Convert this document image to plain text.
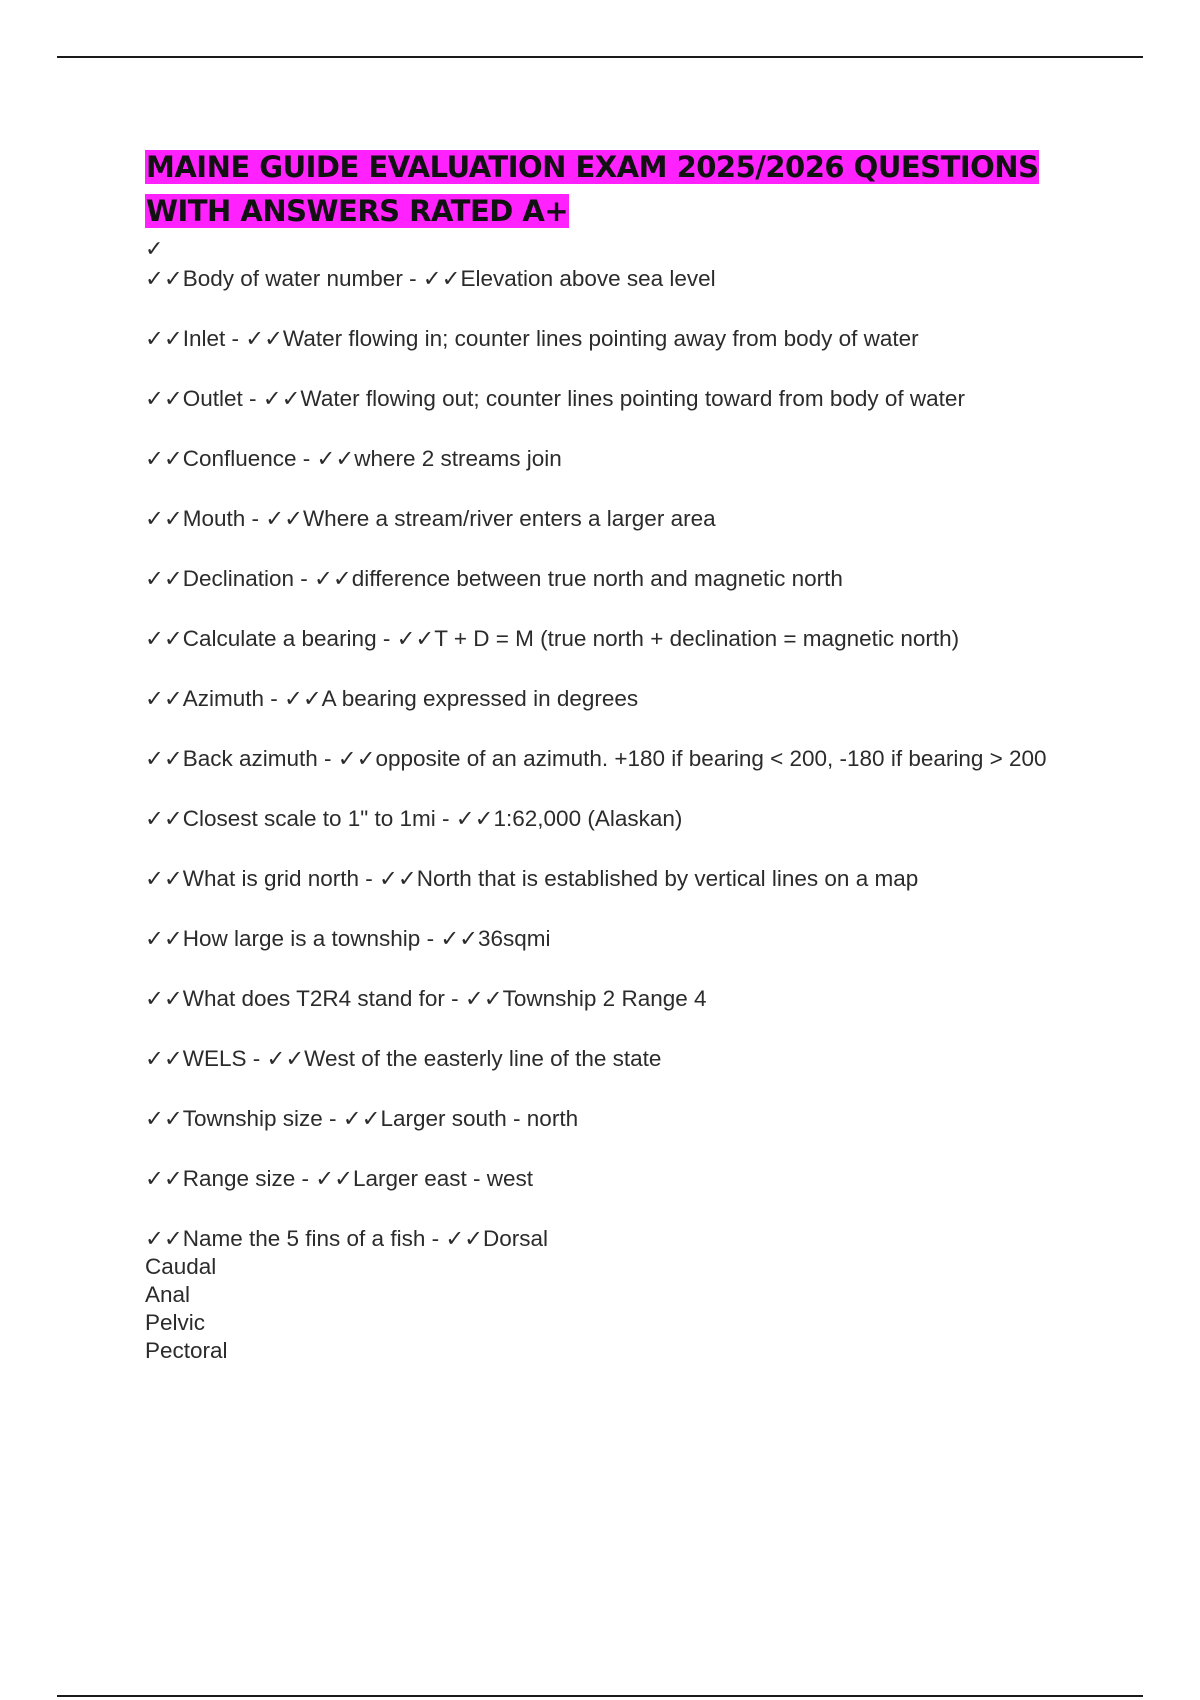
MAINE GUIDE EVALUATION EXAM 2025/2026 QUESTIONS WITH ANSWERS RATED A+
✓

✓✓Body of water number - ✓✓Elevation above sea level

✓✓Inlet - ✓✓Water flowing in; counter lines pointing away from body of water

✓✓Outlet - ✓✓Water flowing out; counter lines pointing toward from body of water

✓✓Confluence - ✓✓where 2 streams join

✓✓Mouth - ✓✓Where a stream/river enters a larger area

✓✓Declination - ✓✓difference between true north and magnetic north

✓✓Calculate a bearing - ✓✓T + D = M (true north + declination = magnetic north)

✓✓Azimuth - ✓✓A bearing expressed in degrees

✓✓Back azimuth - ✓✓opposite of an azimuth. +180 if bearing < 200, -180 if bearing > 200

✓✓Closest scale to 1" to 1mi - ✓✓1:62,000 (Alaskan)

✓✓What is grid north - ✓✓North that is established by vertical lines on a map

✓✓How large is a township - ✓✓36sqmi

✓✓What does T2R4 stand for - ✓✓Township 2 Range 4

✓✓WELS - ✓✓West of the easterly line of the state

✓✓Township size - ✓✓Larger south - north

✓✓Range size - ✓✓Larger east - west

✓✓Name the 5 fins of a fish - ✓✓Dorsal
Caudal
Anal
Pelvic
Pectoral
